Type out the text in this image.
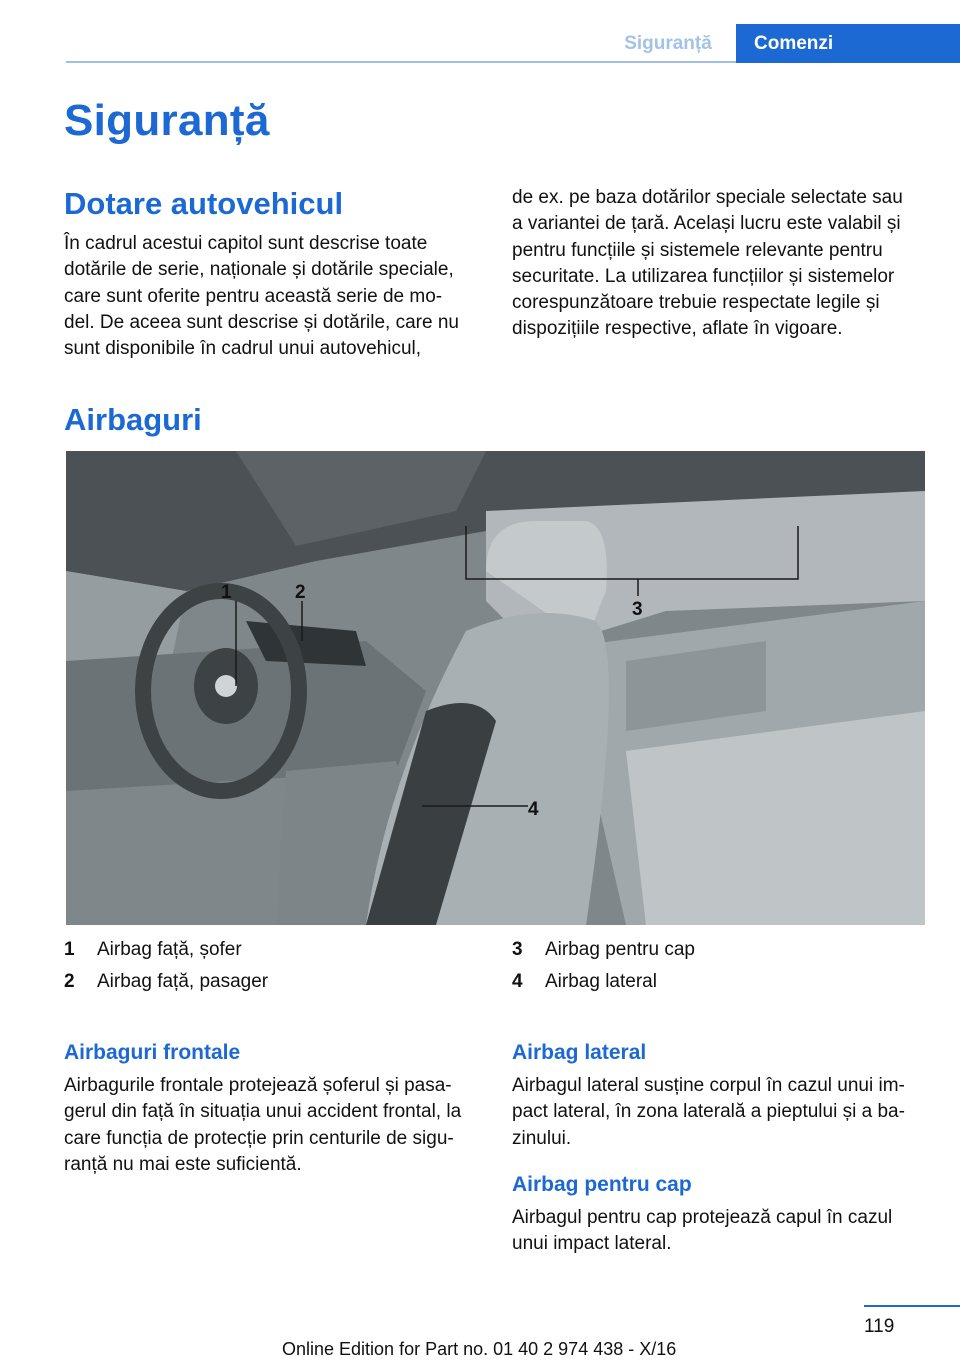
Siguranță	Comenzi
Siguranță
Dotare autovehicul

În cadrul acestui capitol sunt descrise toate
dotările de serie, naționale și dotările speciale,
care sunt oferite pentru această serie de mo-
del. De aceea sunt descrise și dotările, care nu
sunt disponibile în cadrul unui autovehicul,

de ex. pe baza dotărilor speciale selectate sau
a variantei de țară. Același lucru este valabil și
pentru funcțiile și sistemele relevante pentru
securitate. La utilizarea funcțiilor și sistemelor
corespunzătoare trebuie respectate legile și
dispozițiile respective, aflate în vigoare.

Airbaguri
1	2
3
4
1 Airbag față, șofer
2 Airbag față, pasager
3 Airbag pentru cap
4 Airbag lateral
Airbaguri frontale

Airbagurile frontale protejează șoferul și pasa-
gerul din față în situația unui accident frontal, la
care funcția de protecție prin centurile de sigu-
ranță nu mai este suficientă.

Airbag lateral

Airbagul lateral susține corpul în cazul unui im-
pact lateral, în zona laterală a pieptului și a ba-
zinului.

Airbag pentru cap

Airbagul pentru cap protejează capul în cazul
unui impact lateral.

119
Online Edition for Part no. 01 40 2 974 438 - X/16
